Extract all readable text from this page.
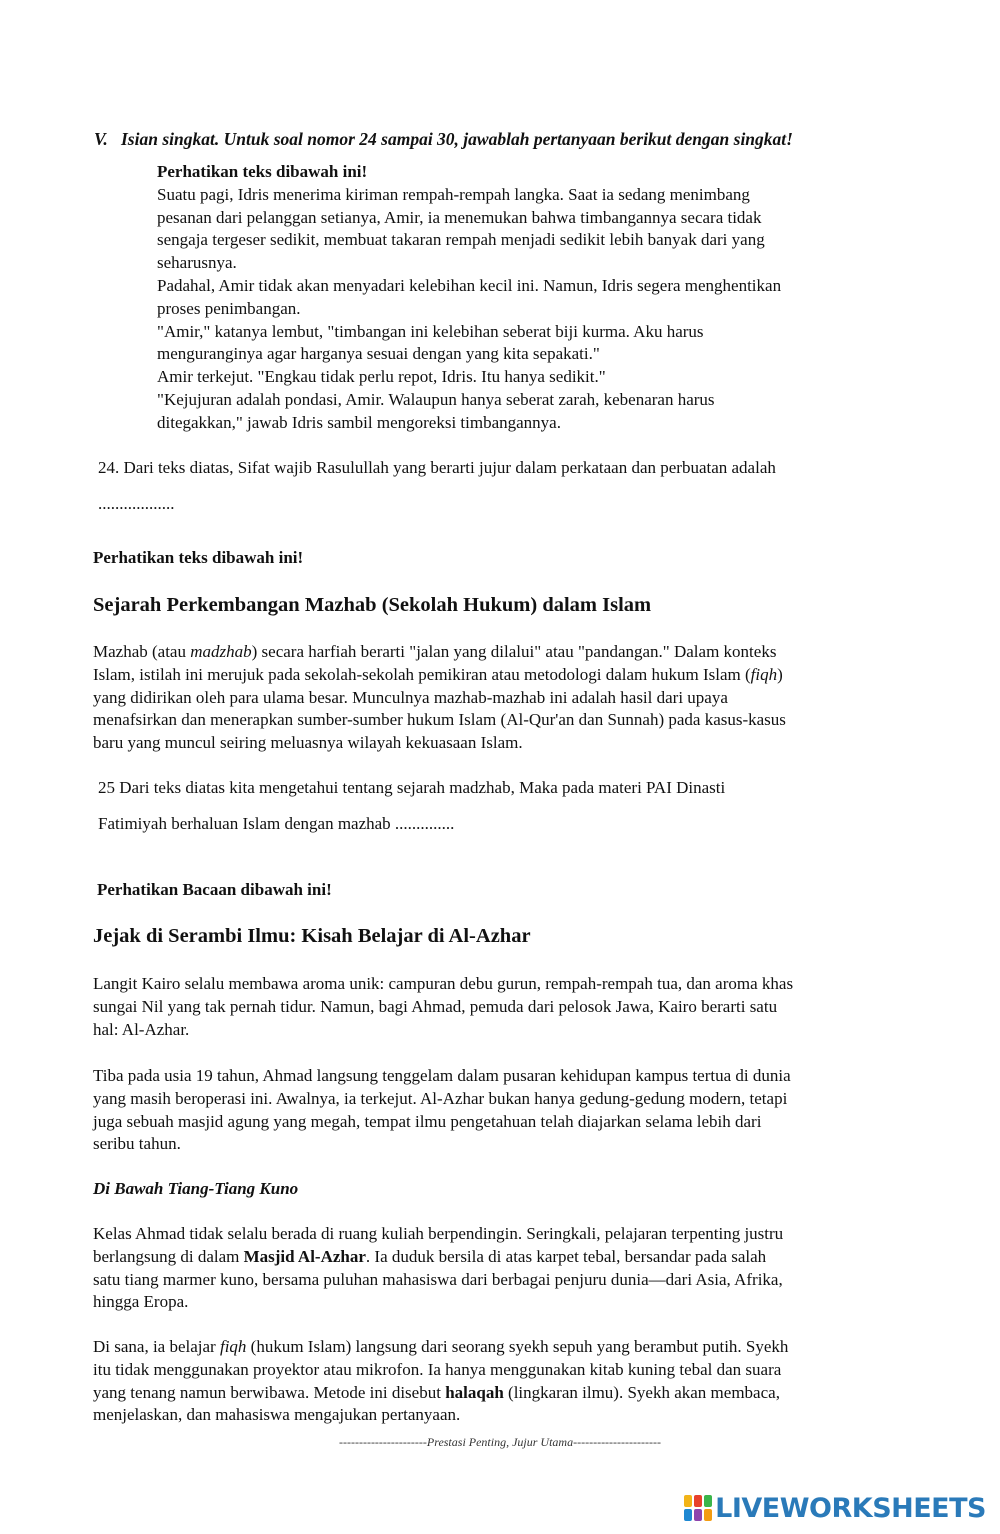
V. Isian singkat. Untuk soal nomor 24 sampai 30, jawablah pertanyaan berikut dengan singkat!
Perhatikan teks dibawah ini!
Suatu pagi, Idris menerima kiriman rempah-rempah langka. Saat ia sedang menimbang
pesanan dari pelanggan setianya, Amir, ia menemukan bahwa timbangannya secara tidak
sengaja tergeser sedikit, membuat takaran rempah menjadi sedikit lebih banyak dari yang
seharusnya.
Padahal, Amir tidak akan menyadari kelebihan kecil ini. Namun, Idris segera menghentikan
proses penimbangan.
"Amir," katanya lembut, "timbangan ini kelebihan seberat biji kurma. Aku harus
menguranginya agar harganya sesuai dengan yang kita sepakati."
Amir terkejut. "Engkau tidak perlu repot, Idris. Itu hanya sedikit."
"Kejujuran adalah pondasi, Amir. Walaupun hanya seberat zarah, kebenaran harus
ditegakkan," jawab Idris sambil mengoreksi timbangannya.
24. Dari teks diatas, Sifat wajib Rasulullah yang berarti jujur dalam perkataan dan perbuatan adalah
..................
Perhatikan teks dibawah ini!
Sejarah Perkembangan Mazhab (Sekolah Hukum) dalam Islam
Mazhab (atau madzhab) secara harfiah berarti "jalan yang dilalui" atau "pandangan." Dalam konteks
Islam, istilah ini merujuk pada sekolah-sekolah pemikiran atau metodologi dalam hukum Islam (fiqh)
yang didirikan oleh para ulama besar. Munculnya mazhab-mazhab ini adalah hasil dari upaya
menafsirkan dan menerapkan sumber-sumber hukum Islam (Al-Qur'an dan Sunnah) pada kasus-kasus
baru yang muncul seiring meluasnya wilayah kekuasaan Islam.
25 Dari teks diatas kita mengetahui tentang sejarah madzhab, Maka pada materi PAI Dinasti
Fatimiyah berhaluan Islam dengan mazhab ..............
Perhatikan Bacaan dibawah ini!
Jejak di Serambi Ilmu: Kisah Belajar di Al-Azhar
Langit Kairo selalu membawa aroma unik: campuran debu gurun, rempah-rempah tua, dan aroma khas
sungai Nil yang tak pernah tidur. Namun, bagi Ahmad, pemuda dari pelosok Jawa, Kairo berarti satu
hal: Al-Azhar.
Tiba pada usia 19 tahun, Ahmad langsung tenggelam dalam pusaran kehidupan kampus tertua di dunia
yang masih beroperasi ini. Awalnya, ia terkejut. Al-Azhar bukan hanya gedung-gedung modern, tetapi
juga sebuah masjid agung yang megah, tempat ilmu pengetahuan telah diajarkan selama lebih dari
seribu tahun.
Di Bawah Tiang-Tiang Kuno
Kelas Ahmad tidak selalu berada di ruang kuliah berpendingin. Seringkali, pelajaran terpenting justru
berlangsung di dalam Masjid Al-Azhar. Ia duduk bersila di atas karpet tebal, bersandar pada salah
satu tiang marmer kuno, bersama puluhan mahasiswa dari berbagai penjuru dunia—dari Asia, Afrika,
hingga Eropa.
Di sana, ia belajar fiqh (hukum Islam) langsung dari seorang syekh sepuh yang berambut putih. Syekh
itu tidak menggunakan proyektor atau mikrofon. Ia hanya menggunakan kitab kuning tebal dan suara
yang tenang namun berwibawa. Metode ini disebut halaqah (lingkaran ilmu). Syekh akan membaca,
menjelaskan, dan mahasiswa mengajukan pertanyaan.
----------------------Prestasi Penting, Jujur Utama----------------------
LIVEWORKSHEETS
